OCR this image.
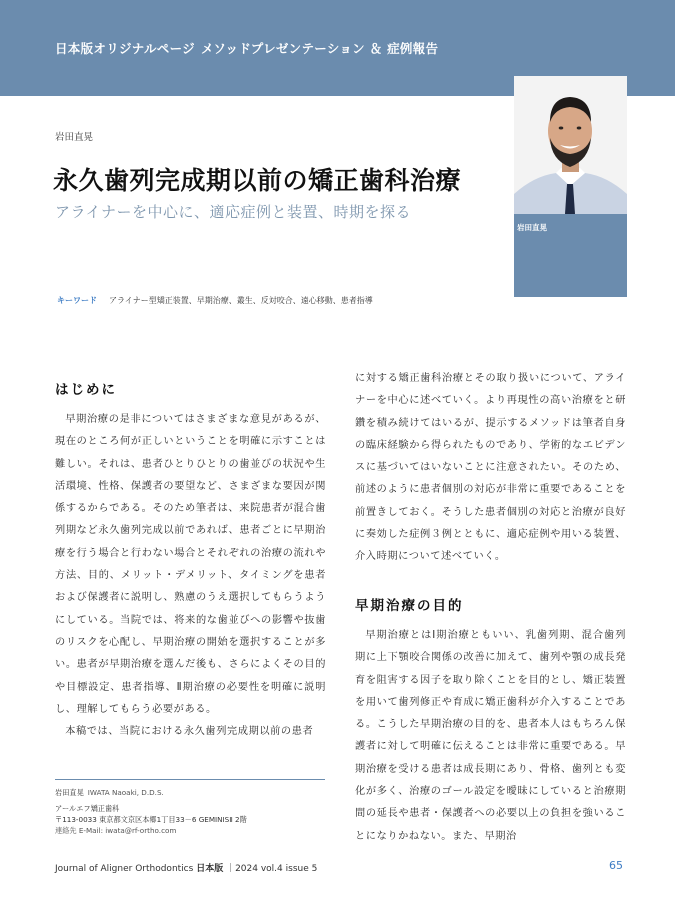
日本版オリジナルページ メソッドプレゼンテーション ＆ 症例報告
岩田直晃
岩田直晃
永久歯列完成期以前の矯正歯科治療
アライナーを中心に、適応症例と装置、時期を探る
キーワード アライナー型矯正装置、早期治療、叢生、反対咬合、遠心移動、患者指導
はじめに

早期治療の是非についてはさまざまな意見があるが、現在のところ何が正しいということを明確に示すことは難しい。それは、患者ひとりひとりの歯並びの状況や生活環境、性格、保護者の要望など、さまざまな要因が関係するからである。そのため筆者は、来院患者が混合歯列期など永久歯列完成以前であれば、患者ごとに早期治療を行う場合と行わない場合とそれぞれの治療の流れや方法、目的、メリット・デメリット、タイミングを患者および保護者に説明し、熟慮のうえ選択してもらうようにしている。当院では、将来的な歯並びへの影響や抜歯のリスクを心配し、早期治療の開始を選択することが多い。患者が早期治療を選んだ後も、さらによくその目的や目標設定、患者指導、Ⅱ期治療の必要性を明確に説明し、理解してもらう必要がある。

本稿では、当院における永久歯列完成期以前の患者

に対する矯正歯科治療とその取り扱いについて、アライナーを中心に述べていく。より再現性の高い治療をと研鑽を積み続けてはいるが、提示するメソッドは筆者自身の臨床経験から得られたものであり、学術的なエビデンスに基づいてはいないことに注意されたい。そのため、前述のように患者個別の対応が非常に重要であることを前置きしておく。そうした患者個別の対応と治療が良好に奏効した症例３例とともに、適応症例や用いる装置、介入時期について述べていく。

早期治療の目的

早期治療とはⅠ期治療ともいい、乳歯列期、混合歯列期に上下顎咬合関係の改善に加えて、歯列や顎の成長発育を阻害する因子を取り除くことを目的とし、矯正装置を用いて歯列修正や育成に矯正歯科が介入することである。こうした早期治療の目的を、患者本人はもちろん保護者に対して明確に伝えることは非常に重要である。早期治療を受ける患者は成長期にあり、骨格、歯列とも変化が多く、治療のゴール設定を曖昧にしていると治療期間の延長や患者・保護者への必要以上の負担を強いることになりかねない。また、早期治

岩田直晃 IWATA Naoaki, D.D.S.
アールエフ矯正歯科
〒113-0033 東京都文京区本郷1丁目33－6 GEMINISⅡ 2階
連絡先 E-Mail: iwata@rf-ortho.com
Journal of Aligner Orthodontics 日本版 ｜2024 vol.4 issue 5	65
